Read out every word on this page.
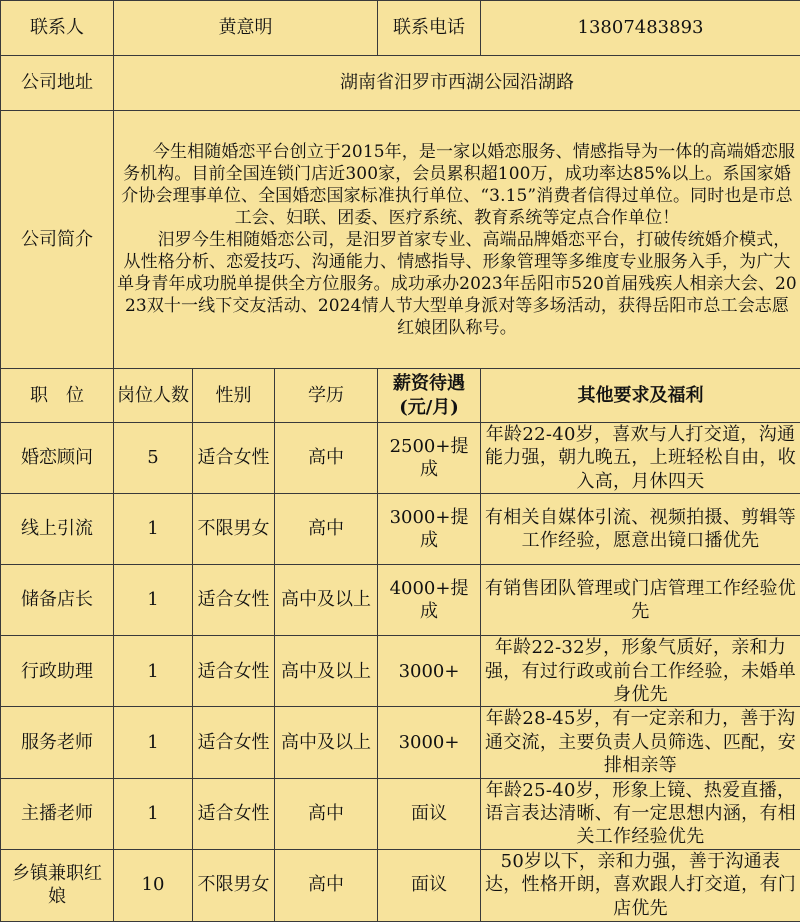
联系人	黄意明			联系电话	13807483893
公司地址	湖南省汨罗市西湖公园沿湖路				
公司简介	今生相随婚恋平台创立于2015年，是一家以婚恋服务、情感指导为一体的高端婚恋服务机构。目前全国连锁门店近300家，会员累积超100万，成功率达85%以上。系国家婚介协会理事单位、全国婚恋国家标准执行单位、“3.15”消费者信得过单位。同时也是市总工会、妇联、团委、医疗系统、教育系统等定点合作单位！

汨罗今生相随婚恋公司，是汨罗首家专业、高端品牌婚恋平台，打破传统婚介模式，从性格分析、恋爱技巧、沟通能力、情感指导、形象管理等多维度专业服务入手，为广大单身青年成功脱单提供全方位服务。成功承办2023年岳阳市520首届残疾人相亲大会、2023双十一线下交友活动、2024情人节大型单身派对等多场活动，获得岳阳市总工会志愿红娘团队称号。				

职　位	岗位人数	性别	学历	薪资待遇(元/月)	其他要求及福利
婚恋顾问	5	适合女性	高中	2500+提成	年龄22-40岁，喜欢与人打交道，沟通能力强，朝九晚五，上班轻松自由，收入高，月休四天
线上引流	1	不限男女	高中	3000+提成	有相关自媒体引流、视频拍摄、剪辑等工作经验，愿意出镜口播优先
储备店长	1	适合女性	高中及以上	4000+提成	有销售团队管理或门店管理工作经验优先
行政助理	1	适合女性	高中及以上	3000+	年龄22-32岁，形象气质好，亲和力强，有过行政或前台工作经验，未婚单身优先
服务老师	1	适合女性	高中及以上	3000+	年龄28-45岁，有一定亲和力，善于沟通交流，主要负责人员筛选、匹配，安排相亲等
主播老师	1	适合女性	高中	面议	年龄25-40岁，形象上镜、热爱直播，语言表达清晰、有一定思想内涵，有相关工作经验优先
乡镇兼职红娘	10	不限男女	高中	面议	50岁以下，亲和力强，善于沟通表达，性格开朗，喜欢跟人打交道，有门店优先
